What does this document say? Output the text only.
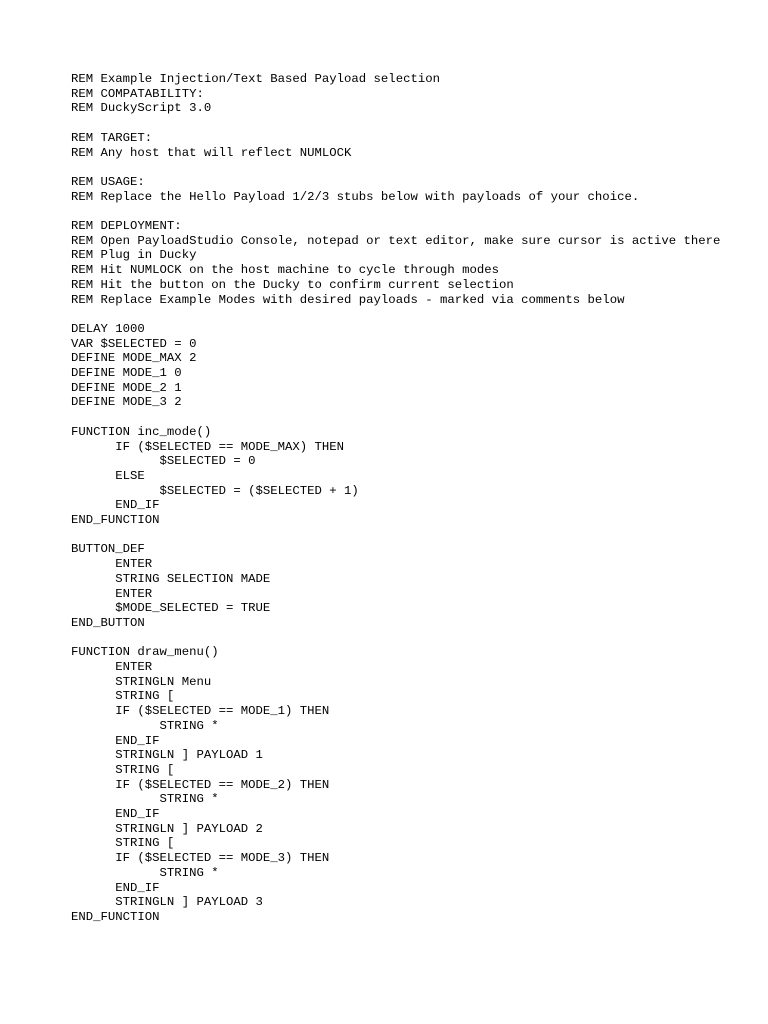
REM Example Injection/Text Based Payload selection
REM COMPATABILITY:
REM DuckyScript 3.0
REM TARGET:
REM Any host that will reflect NUMLOCK
REM USAGE:
REM Replace the Hello Payload 1/2/3 stubs below with payloads of your choice.
REM DEPLOYMENT:
REM Open PayloadStudio Console, notepad or text editor, make sure cursor is active there
REM Plug in Ducky
REM Hit NUMLOCK on the host machine to cycle through modes
REM Hit the button on the Ducky to confirm current selection
REM Replace Example Modes with desired payloads - marked via comments below
DELAY 1000
VAR $SELECTED = 0
DEFINE MODE_MAX 2
DEFINE MODE_1 0
DEFINE MODE_2 1
DEFINE MODE_3 2
FUNCTION inc_mode()
IF ($SELECTED == MODE_MAX) THEN
$SELECTED = 0
ELSE
$SELECTED = ($SELECTED + 1)
END_IF
END_FUNCTION
BUTTON_DEF
ENTER
STRING SELECTION MADE
ENTER
$MODE_SELECTED = TRUE
END_BUTTON
FUNCTION draw_menu()
ENTER
STRINGLN Menu
STRING [
IF ($SELECTED == MODE_1) THEN
STRING *
END_IF
STRINGLN ] PAYLOAD 1
STRING [
IF ($SELECTED == MODE_2) THEN
STRING *
END_IF
STRINGLN ] PAYLOAD 2
STRING [
IF ($SELECTED == MODE_3) THEN
STRING *
END_IF
STRINGLN ] PAYLOAD 3
END_FUNCTION
